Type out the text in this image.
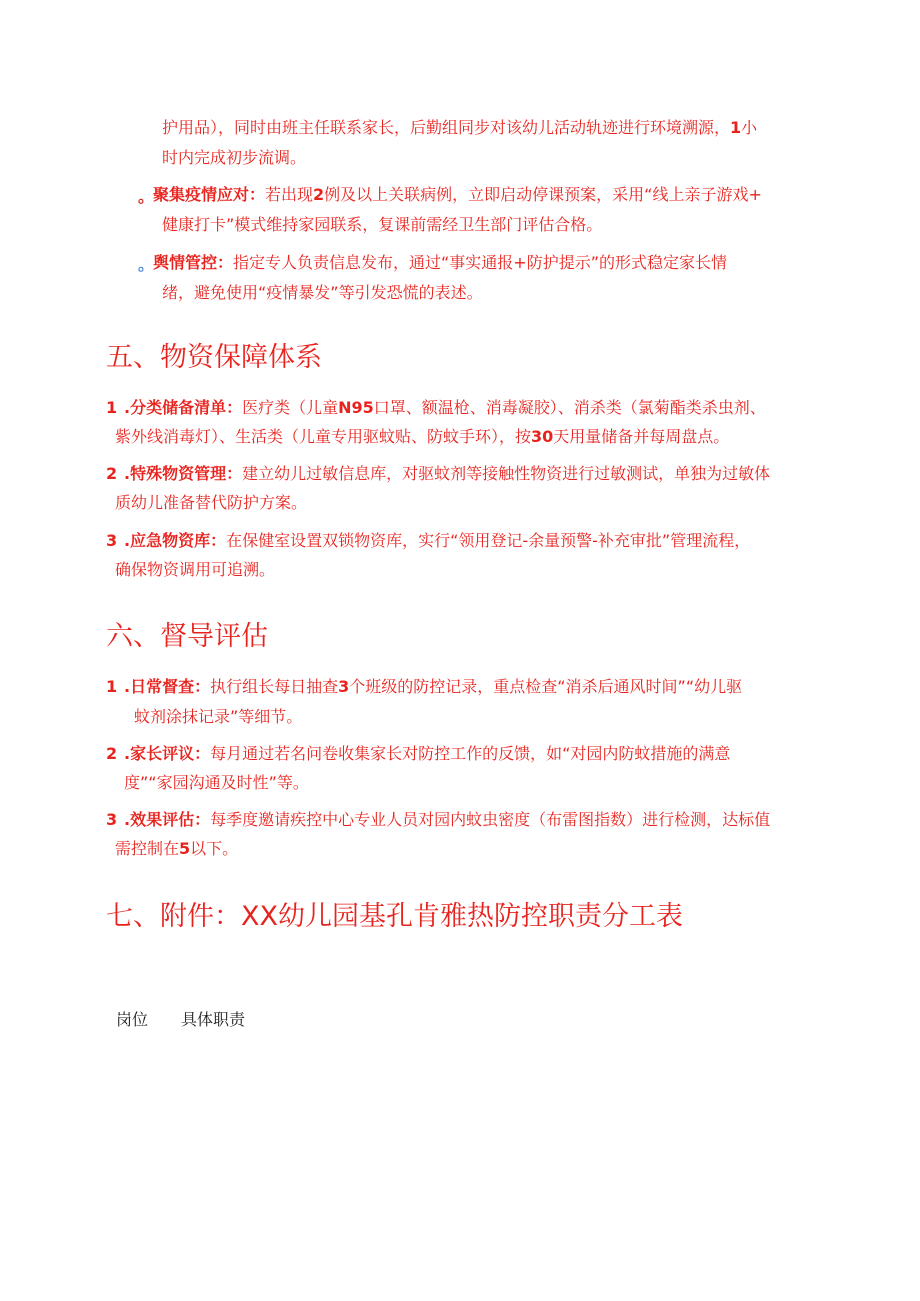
护用品），同时由班主任联系家长，后勤组同步对该幼儿活动轨迹进行环境溯源，1小
时内完成初步流调。
。
聚集疫情应对：若出现2例及以上关联病例，立即启动停课预案，采用“线上亲子游戏+
健康打卡”模式维持家园联系，复课前需经卫生部门评估合格。
。
舆情管控：指定专人负责信息发布，通过“事实通报+防护提示”的形式稳定家长情
绪，避免使用“疫情暴发”等引发恐慌的表述。
五、物资保障体系
1 .分类储备清单：医疗类（儿童N95口罩、额温枪、消毒凝胶）、消杀类（氯菊酯类杀虫剂、
紫外线消毒灯）、生活类（儿童专用驱蚊贴、防蚊手环），按30天用量储备并每周盘点。
2 .特殊物资管理：建立幼儿过敏信息库，对驱蚊剂等接触性物资进行过敏测试，单独为过敏体
质幼儿准备替代防护方案。
3 .应急物资库：在保健室设置双锁物资库，实行“领用登记-余量预警-补充审批”管理流程，
确保物资调用可追溯。
六、督导评估
1 .日常督查：执行组长每日抽查3个班级的防控记录，重点检查“消杀后通风时间”“幼儿驱
蚊剂涂抹记录”等细节。
2 .家长评议：每月通过若名问卷收集家长对防控工作的反馈，如“对园内防蚊措施的满意
度”“家园沟通及时性”等。
3 .效果评估：每季度邀请疾控中心专业人员对园内蚊虫密度（布雷图指数）进行检测，达标值
需控制在5以下。
七、附件：XX幼儿园基孔肯雅热防控职责分工表
岗位 具体职责
